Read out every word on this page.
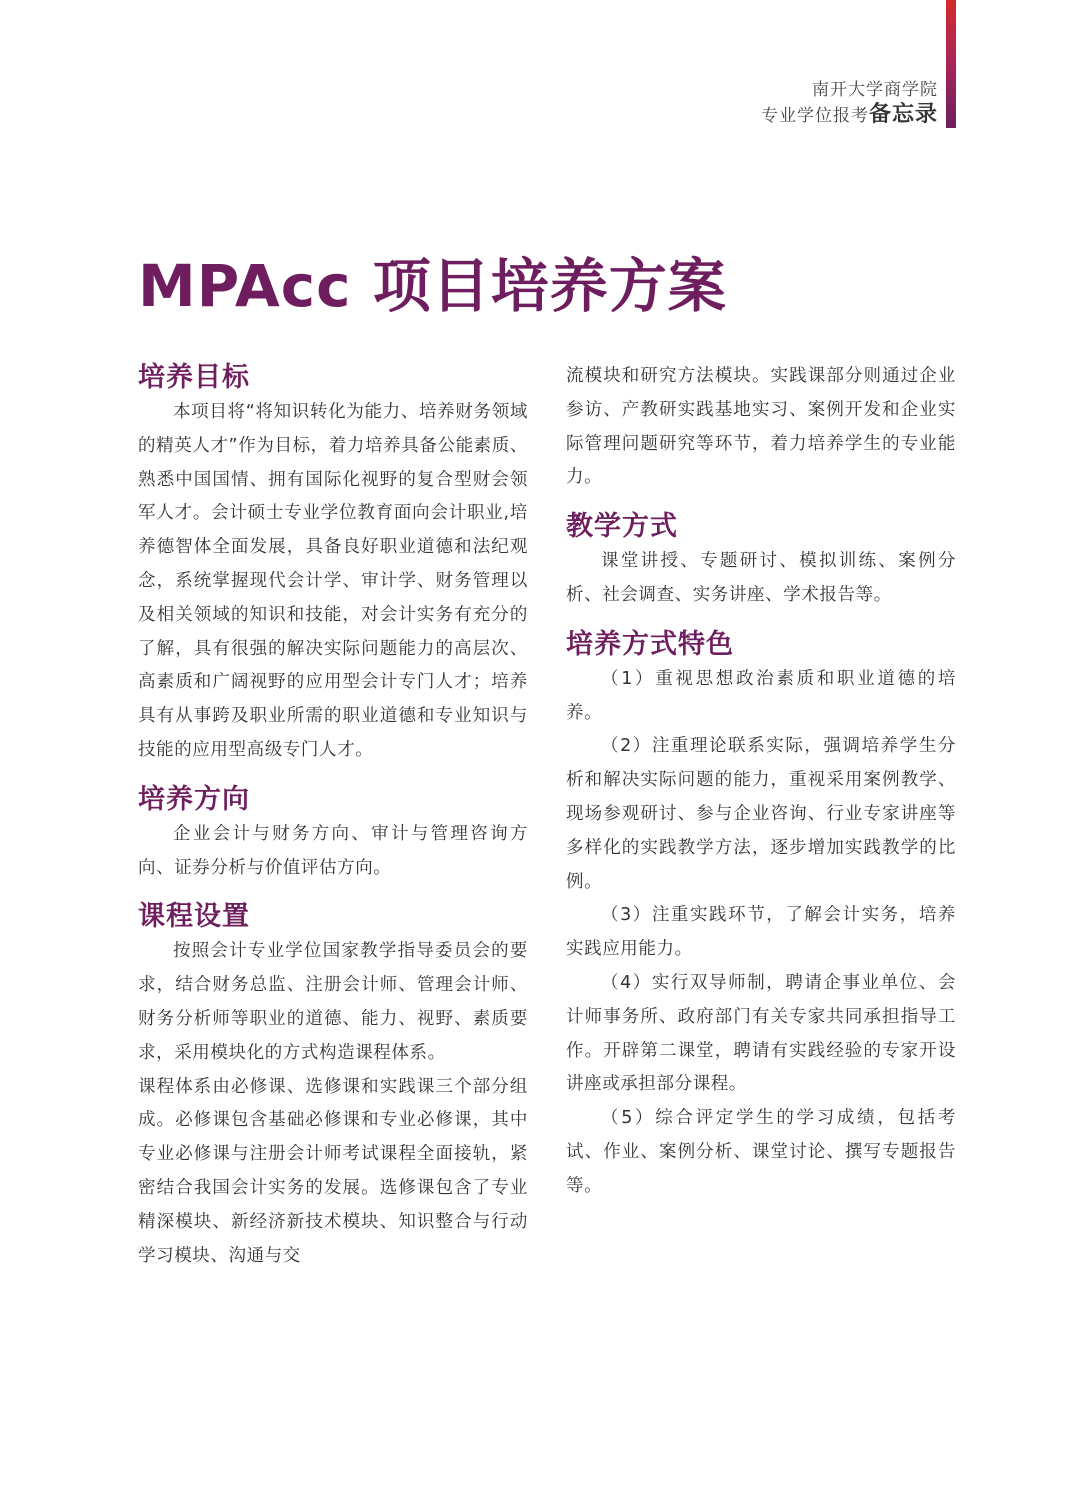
南开大学商学院
专业学位报考备忘录
MPAcc 项目培养方案
培养目标

本项目将“将知识转化为能力、培养财务领域的精英人才”作为目标，着力培养具备公能素质、熟悉中国国情、拥有国际化视野的复合型财会领军人才。会计硕士专业学位教育面向会计职业,培养德智体全面发展，具备良好职业道德和法纪观念，系统掌握现代会计学、审计学、财务管理以及相关领域的知识和技能，对会计实务有充分的了解，具有很强的解决实际问题能力的高层次、高素质和广阔视野的应用型会计专门人才；培养具有从事跨及职业所需的职业道德和专业知识与技能的应用型高级专门人才。

培养方向

企业会计与财务方向、审计与管理咨询方向、证券分析与价值评估方向。

课程设置

按照会计专业学位国家教学指导委员会的要求，结合财务总监、注册会计师、管理会计师、财务分析师等职业的道德、能力、视野、素质要求，采用模块化的方式构造课程体系。

课程体系由必修课、选修课和实践课三个部分组成。必修课包含基础必修课和专业必修课，其中专业必修课与注册会计师考试课程全面接轨，紧密结合我国会计实务的发展。选修课包含了专业精深模块、新经济新技术模块、知识整合与行动学习模块、沟通与交

流模块和研究方法模块。实践课部分则通过企业参访、产教研实践基地实习、案例开发和企业实际管理问题研究等环节，着力培养学生的专业能力。

教学方式

课堂讲授、专题研讨、模拟训练、案例分析、社会调查、实务讲座、学术报告等。

培养方式特色

（1）重视思想政治素质和职业道德的培养。

（2）注重理论联系实际，强调培养学生分析和解决实际问题的能力，重视采用案例教学、现场参观研讨、参与企业咨询、行业专家讲座等多样化的实践教学方法，逐步增加实践教学的比例。

（3）注重实践环节，了解会计实务，培养实践应用能力。

（4）实行双导师制，聘请企事业单位、会计师事务所、政府部门有关专家共同承担指导工作。开辟第二课堂，聘请有实践经验的专家开设讲座或承担部分课程。

（5）综合评定学生的学习成绩，包括考试、作业、案例分析、课堂讨论、撰写专题报告等。
